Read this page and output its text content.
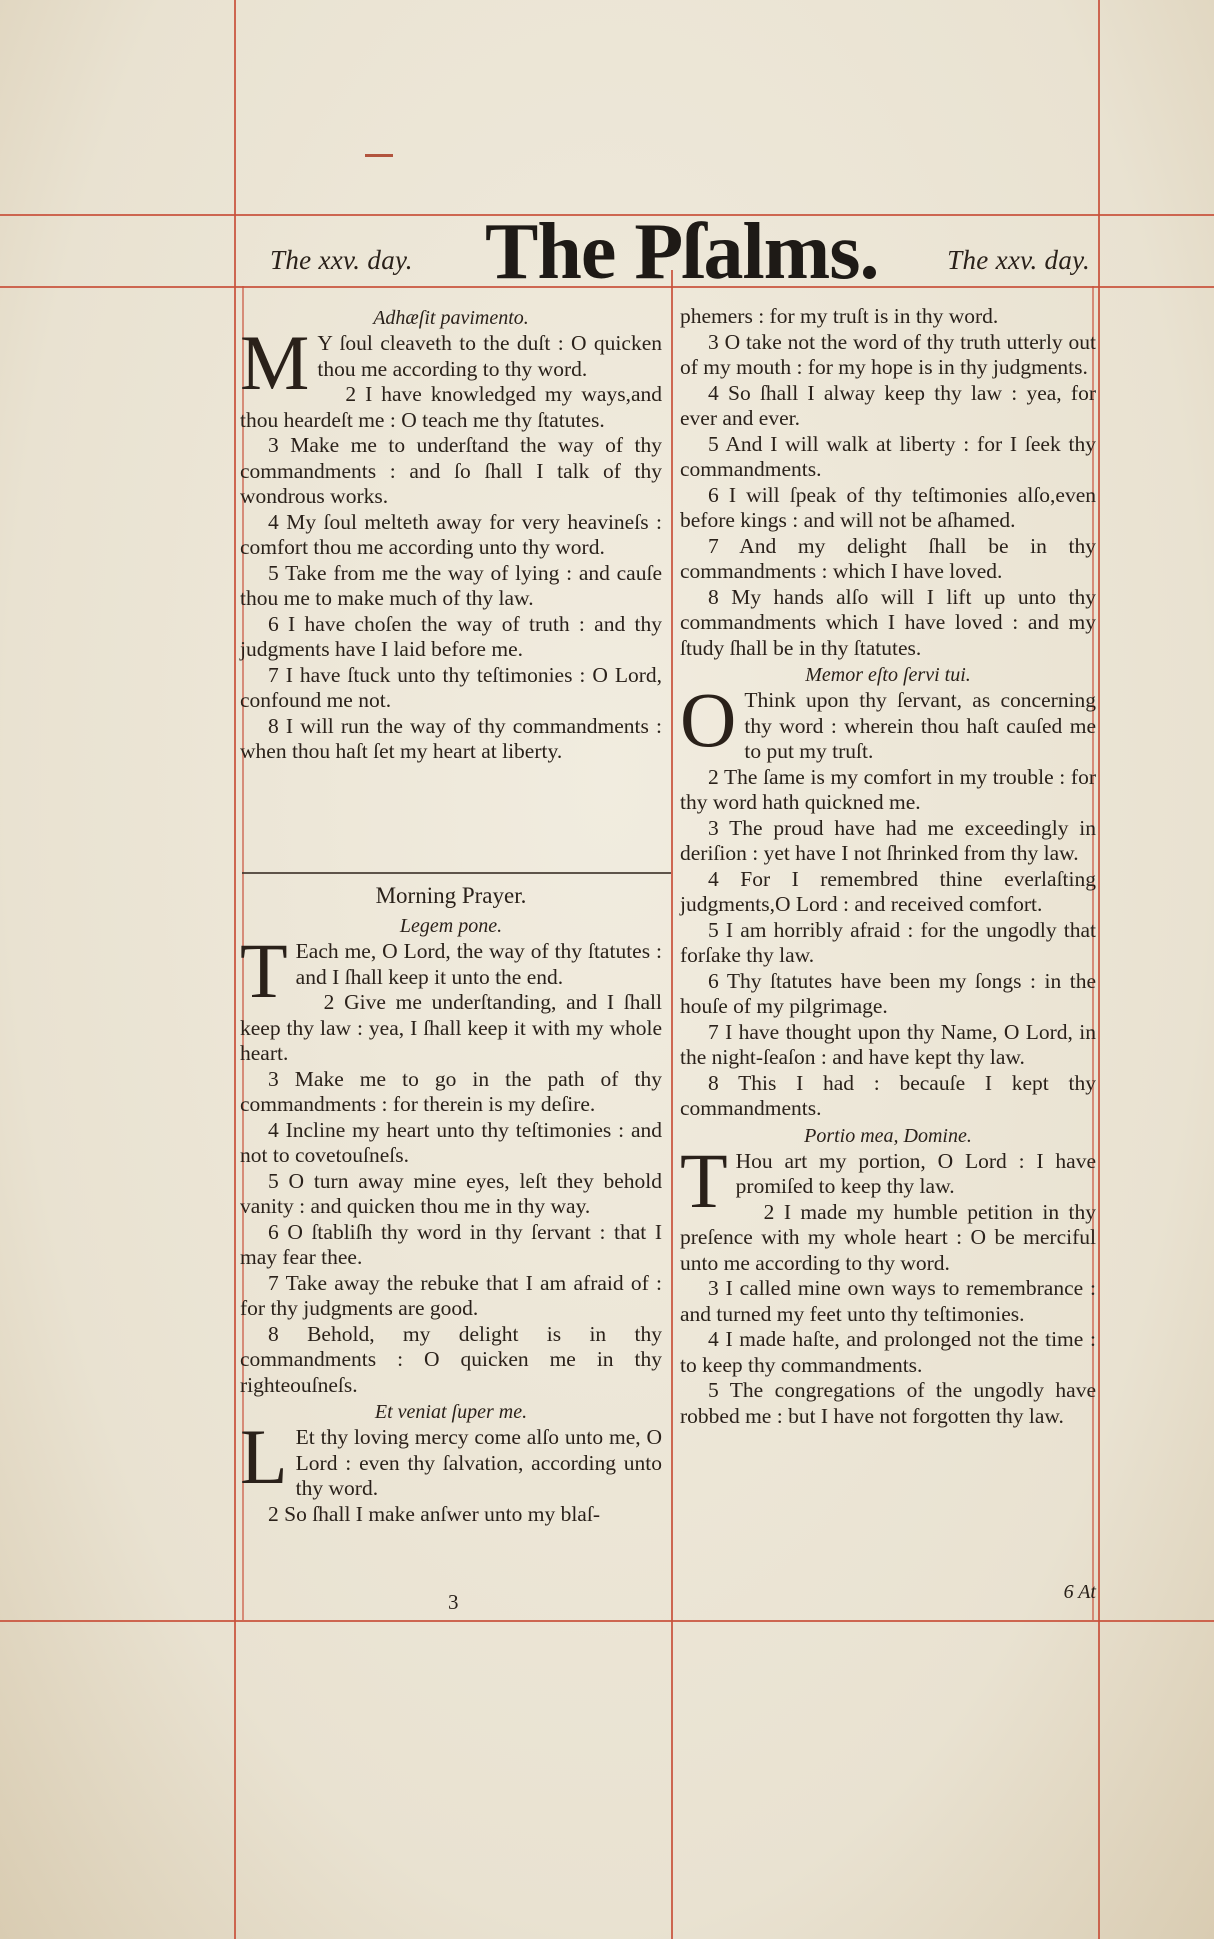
The xxv. day. The Pſalms.	The xxv. day.
Adhæſit pavimento.

M Y ſoul cleaveth to the duſt : O quicken thou me according to thy word.

2 I have knowledged my ways,and thou heardeſt me : O teach me thy ſtatutes.

3 Make me to underſtand the way of thy commandments : and ſo ſhall I talk of thy wondrous works.

4 My ſoul melteth away for very heavineſs : comfort thou me according unto thy word.

5 Take from me the way of lying : and cauſe thou me to make much of thy law.

6 I have choſen the way of truth : and thy judgments have I laid before me.

7 I have ſtuck unto thy teſtimonies : O Lord, confound me not.

8 I will run the way of thy commandments : when thou haſt ſet my heart at liberty.

Morning Prayer.
Legem pone.

T Each me, O Lord, the way of thy ſtatutes : and I ſhall keep it unto the end.

2 Give me underſtanding, and I ſhall keep thy law : yea, I ſhall keep it with my whole heart.

3 Make me to go in the path of thy commandments : for therein is my deſire.

4 Incline my heart unto thy teſtimonies : and not to covetouſneſs.

5 O turn away mine eyes, leſt they behold vanity : and quicken thou me in thy way.

6 O ſtabliſh thy word in thy ſervant : that I may fear thee.

7 Take away the rebuke that I am afraid of : for thy judgments are good.

8 Behold, my delight is in thy commandments : O quicken me in thy righteouſneſs.

Et veniat ſuper me.

L Et thy loving mercy come alſo unto me, O Lord : even thy ſalvation, according unto thy word.

2 So ſhall I make anſwer unto my blaſ-

phemers : for my truſt is in thy word.

3 O take not the word of thy truth utterly out of my mouth : for my hope is in thy judgments.

4 So ſhall I alway keep thy law : yea, for ever and ever.

5 And I will walk at liberty : for I ſeek thy commandments.

6 I will ſpeak of thy teſtimonies alſo,even before kings : and will not be aſhamed.

7 And my delight ſhall be in thy commandments : which I have loved.

8 My hands alſo will I lift up unto thy commandments which I have loved : and my ſtudy ſhall be in thy ſtatutes.

Memor eſto ſervi tui.

O Think upon thy ſervant, as concerning thy word : wherein thou haſt cauſed me to put my truſt.

2 The ſame is my comfort in my trouble : for thy word hath quickned me.

3 The proud have had me exceedingly in deriſion : yet have I not ſhrinked from thy law.

4 For I remembred thine everlaſting judgments,O Lord : and received comfort.

5 I am horribly afraid : for the ungodly that forſake thy law.

6 Thy ſtatutes have been my ſongs : in the houſe of my pilgrimage.

7 I have thought upon thy Name, O Lord, in the night-ſeaſon : and have kept thy law.

8 This I had : becauſe I kept thy commandments.

Portio mea, Domine.

T Hou art my portion, O Lord : I have promiſed to keep thy law.

2 I made my humble petition in thy preſence with my whole heart : O be merciful unto me according to thy word.

3 I called mine own ways to remembrance : and turned my feet unto thy teſtimonies.

4 I made haſte, and prolonged not the time : to keep thy commandments.

5 The congregations of the ungodly have robbed me : but I have not forgotten thy law.

3	6 At
